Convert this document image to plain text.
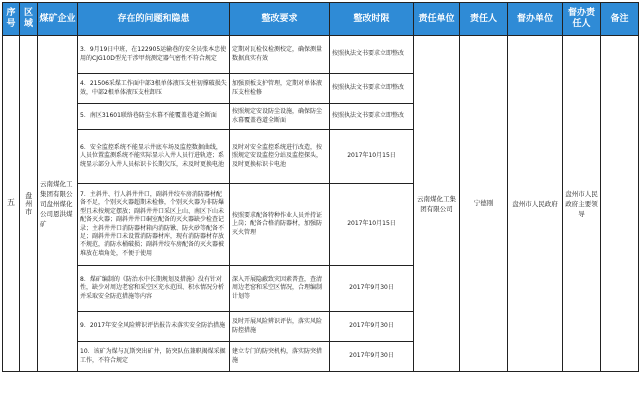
序号	区域	煤矿企业	存在的问题和隐患	整改要求	整改时限	责任单位	责任人	督办单位	督办责任人	备注
五	盘州市	云南煤化工集团有限公司盘州煤化公司恩洪煤矿	3．9月19日中班，在122905运输巷的安全员张本忠使用的CJG10D型光干涉甲烷测定器气密性不符合规定	定期对瓦检仪检测校定，确保测量数据真实有效	按照执法文书要求立即整改	云南煤化工集团有限公司	宁德刚	盘州市人民政府	盘州市人民政府主要领导	
			4．21506采煤工作面中部3根单体液压支柱初撑破损失效，中部2根单体液压支柱卸压	加强顶板支护管理，定期对单体液压支柱检修	按照执法文书要求立即整改					
			5．南区31601联络巷防尘水幕不能覆盖巷道全断面	按照规定安设防尘设施，确保防尘水幕覆盖巷道全断面	按照执法文书要求立即整改					
			6．安全监控系统不能显示井底车场及监控数据曲线，人员位置监测系统不能实际显示入井人员行进轨迹；系统显示部分入井人员标识卡长期欠压，未及时更换电池	及时对安全监控系统进行改造，按照规定安设监控分站及监控探头，及时更换标识卡电池	2017年10月15日					
			7．主斜井、行人斜井井口，副斜井绞车房消防器材配备不足，个别灭火器超期未检修，个别灭火器为非防爆型且未按规定摆放；副斜井井口采区上山、南区下山未配备灭火器；副斜井井口硐室配备的灭火器缺少检查记录；主斜井井口消防器材箱内消防锹、防火砂等配备不足；副斜井井口未设置消防器材库，现有消防器材存放不规范，消防水桶破损；副斜井绞车房配备的灭火器被堆放在墙角处，不便于使用	按照要求配备特种作业人员并持证上岗；配备合格消防器材，加强防灭火管理	2017年10月15日					
			8．煤矿编制的《防治水中长期规划及措施》没有针对性，缺少对周边老窑和采空区充水范围、积水情况分析并采取安全防范措施等内容	深入开展隐蔽致灾因素普查，查清周边老窑和采空区情况，合理编制计划等	2017年9月30日					
			9．2017年安全风险辨识评估报告未落实安全防治措施	及时开展风险辨识评估，落实风险防控措施	2017年9月30日					
			10．该矿为煤与瓦斯突出矿井，防突队伍兼职揭煤采掘工作，不符合规定	建立专门的防突机构，落实防突措施	2017年9月30日					
